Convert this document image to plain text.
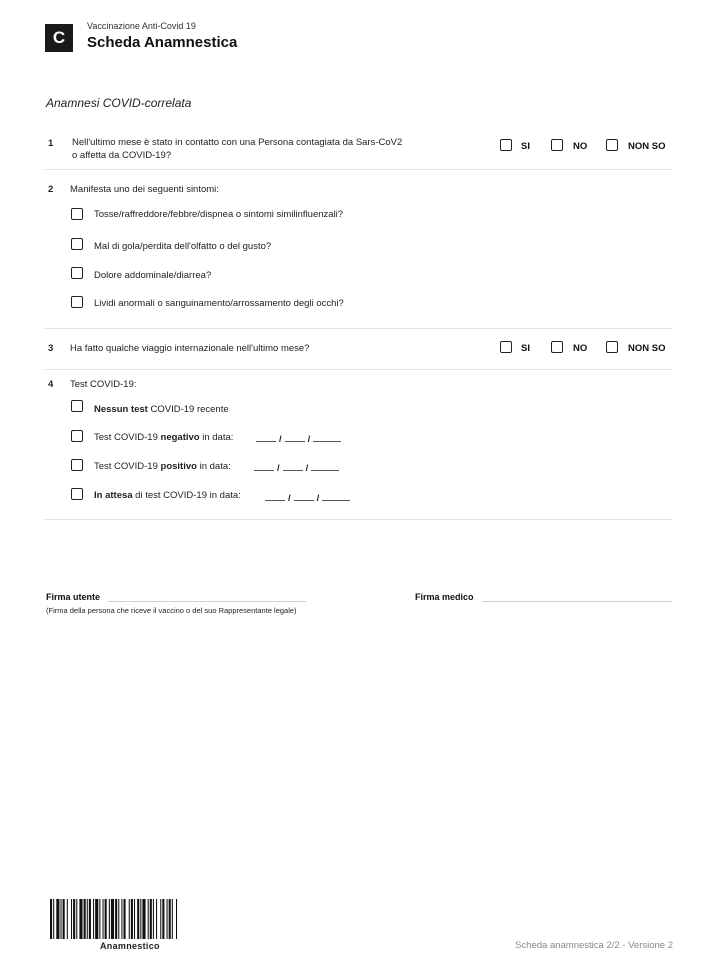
C
Vaccinazione Anti-Covid 19
Scheda Anamnestica
Anamnesi COVID-correlata
1 Nell'ultimo mese è stato in contatto con una Persona contagiata da Sars-CoV2
o affetta da COVID-19?
SI	NO	NON SO
2 Manifesta uno dei seguenti sintomi:
Tosse/raffreddore/febbre/dispnea o sintomi similinfluenzali?
Mal di gola/perdita dell'olfatto o del gusto?
Dolore addominale/diarrea?
Lividi anormali o sanguinamento/arrossamento degli occhi?
3 Ha fatto qualche viaggio internazionale nell'ultimo mese?	SI	NO	NON SO
4 Test COVID-19:
Nessun test COVID-19 recente
Test COVID-19 negativo in data:	/	/
Test COVID-19 positivo in data:	/	/
In attesa di test COVID-19 in data:	/	/
Firma utente
(Firma della persona che riceve il vaccino o del suo Rappresentante legale)
Firma medico
Anamnestico	Scheda anamnestica 2/2 - Versione 2
